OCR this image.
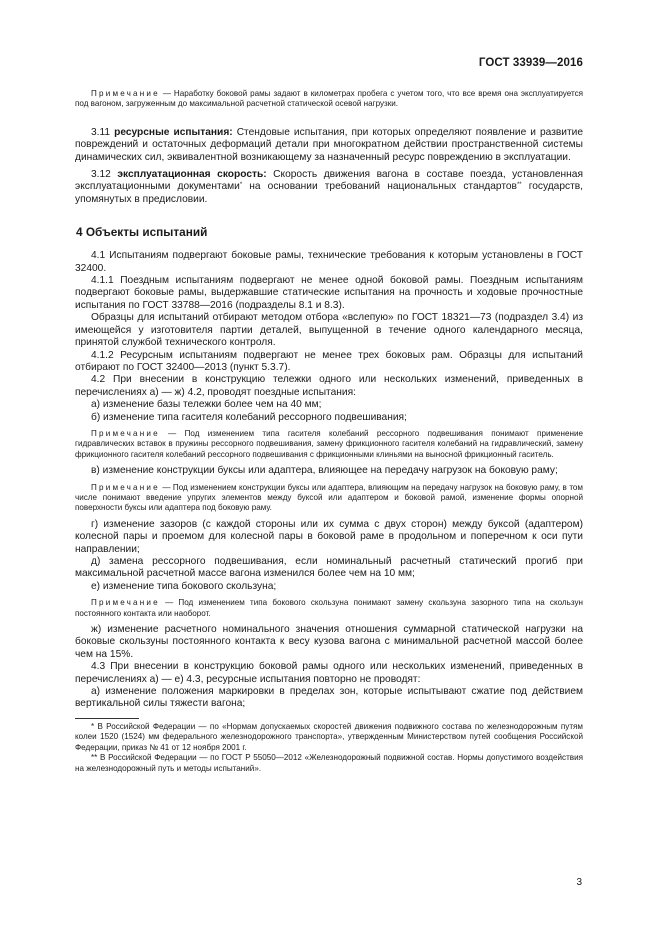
ГОСТ 33939—2016

Примечание — Наработку боковой рамы задают в километрах пробега с учетом того, что все время она эксплуатируется под вагоном, загруженным до максимальной расчетной статической осевой нагрузки.

3.11 ресурсные испытания: Стендовые испытания, при которых определяют появление и развитие повреждений и остаточных деформаций детали при многократном действии пространственной системы динамических сил, эквивалентной возникающему за назначенный ресурс повреждению в эксплуатации.

3.12 эксплуатационная скорость: Скорость движения вагона в составе поезда, установленная эксплуатационными документами* на основании требований национальных стандартов** государств, упомянутых в предисловии.

4 Объекты испытаний

4.1 Испытаниям подвергают боковые рамы, технические требования к которым установлены в ГОСТ 32400.

4.1.1 Поездным испытаниям подвергают не менее одной боковой рамы. Поездным испытаниям подвергают боковые рамы, выдержавшие статические испытания на прочность и ходовые прочностные испытания по ГОСТ 33788—2016 (подразделы 8.1 и 8.3).

Образцы для испытаний отбирают методом отбора «вслепую» по ГОСТ 18321—73 (подраздел 3.4) из имеющейся у изготовителя партии деталей, выпущенной в течение одного календарного месяца, принятой службой технического контроля.

4.1.2 Ресурсным испытаниям подвергают не менее трех боковых рам. Образцы для испытаний отбирают по ГОСТ 32400—2013 (пункт 5.3.7).

4.2 При внесении в конструкцию тележки одного или нескольких изменений, приведенных в перечислениях а) — ж) 4.2, проводят поездные испытания:

а) изменение базы тележки более чем на 40 мм;

б) изменение типа гасителя колебаний рессорного подвешивания;

Примечание — Под изменением типа гасителя колебаний рессорного подвешивания понимают применение гидравлических вставок в пружины рессорного подвешивания, замену фрикционного гасителя колебаний на гидравлический, замену фрикционного гасителя колебаний рессорного подвешивания с фрикционными клиньями на выносной фрикционный гаситель.

в) изменение конструкции буксы или адаптера, влияющее на передачу нагрузок на боковую раму;

Примечание — Под изменением конструкции буксы или адаптера, влияющим на передачу нагрузок на боковую раму, в том числе понимают введение упругих элементов между буксой или адаптером и боковой рамой, изменение формы опорной поверхности буксы или адаптера под боковую раму.

г) изменение зазоров (с каждой стороны или их сумма с двух сторон) между буксой (адаптером) колесной пары и проемом для колесной пары в боковой раме в продольном и поперечном к оси пути направлении;

д) замена рессорного подвешивания, если номинальный расчетный статический прогиб при максимальной расчетной массе вагона изменился более чем на 10 мм;

е) изменение типа бокового скользуна;

Примечание — Под изменением типа бокового скользуна понимают замену скользуна зазорного типа на скользун постоянного контакта или наоборот.

ж) изменение расчетного номинального значения отношения суммарной статической нагрузки на боковые скользуны постоянного контакта к весу кузова вагона с минимальной расчетной массой более чем на 15%.

4.3 При внесении в конструкцию боковой рамы одного или нескольких изменений, приведенных в перечислениях а) — е) 4.3, ресурсные испытания повторно не проводят:

а) изменение положения маркировки в пределах зон, которые испытывают сжатие под действием вертикальной силы тяжести вагона;

* В Российской Федерации — по «Нормам допускаемых скоростей движения подвижного состава по железнодорожным путям колеи 1520 (1524) мм федерального железнодорожного транспорта», утвержденным Министерством путей сообщения Российской Федерации, приказ № 41 от 12 ноября 2001 г.

** В Российской Федерации — по ГОСТ Р 55050—2012 «Железнодорожный подвижной состав. Нормы допустимого воздействия на железнодорожный путь и методы испытаний».

3
